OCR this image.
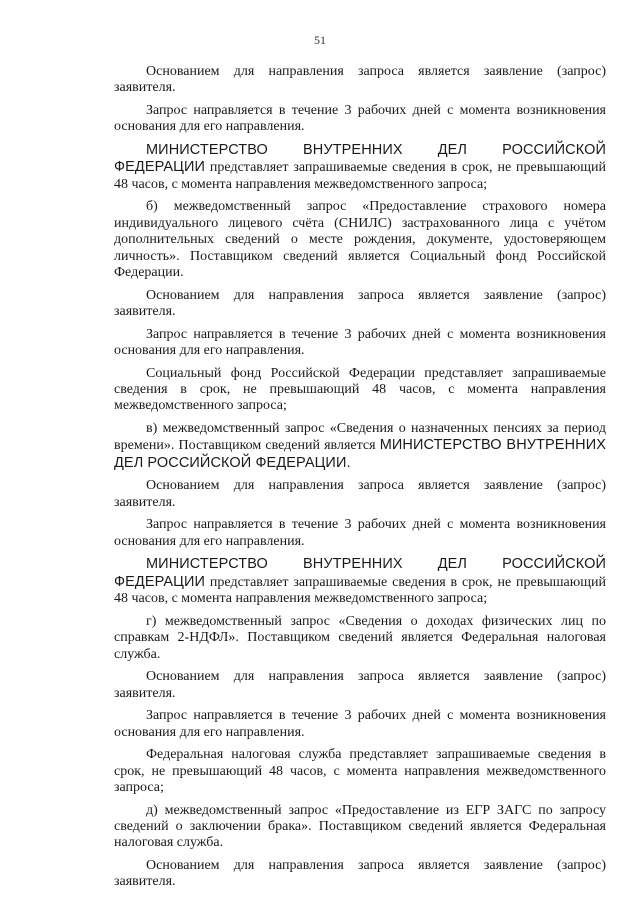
51

Основанием для направления запроса является заявление (запрос) заявителя.

Запрос направляется в течение 3 рабочих дней с момента возникновения основания для его направления.

МИНИСТЕРСТВО ВНУТРЕННИХ ДЕЛ РОССИЙСКОЙ ФЕДЕРАЦИИ представляет запрашиваемые сведения в срок, не превышающий 48 часов, с момента направления межведомственного запроса;

б) межведомственный запрос «Предоставление страхового номера индивидуального лицевого счёта (СНИЛС) застрахованного лица с учётом дополнительных сведений о месте рождения, документе, удостоверяющем личность». Поставщиком сведений является Социальный фонд Российской Федерации.

Основанием для направления запроса является заявление (запрос) заявителя.

Запрос направляется в течение 3 рабочих дней с момента возникновения основания для его направления.

Социальный фонд Российской Федерации представляет запрашиваемые сведения в срок, не превышающий 48 часов, с момента направления межведомственного запроса;

в) межведомственный запрос «Сведения о назначенных пенсиях за период времени». Поставщиком сведений является МИНИСТЕРСТВО ВНУТРЕННИХ ДЕЛ РОССИЙСКОЙ ФЕДЕРАЦИИ.

Основанием для направления запроса является заявление (запрос) заявителя.

Запрос направляется в течение 3 рабочих дней с момента возникновения основания для его направления.

МИНИСТЕРСТВО ВНУТРЕННИХ ДЕЛ РОССИЙСКОЙ ФЕДЕРАЦИИ представляет запрашиваемые сведения в срок, не превышающий 48 часов, с момента направления межведомственного запроса;

г) межведомственный запрос «Сведения о доходах физических лиц по справкам 2-НДФЛ». Поставщиком сведений является Федеральная налоговая служба.

Основанием для направления запроса является заявление (запрос) заявителя.

Запрос направляется в течение 3 рабочих дней с момента возникновения основания для его направления.

Федеральная налоговая служба представляет запрашиваемые сведения в срок, не превышающий 48 часов, с момента направления межведомственного запроса;

д) межведомственный запрос «Предоставление из ЕГР ЗАГС по запросу сведений о заключении брака». Поставщиком сведений является Федеральная налоговая служба.

Основанием для направления запроса является заявление (запрос) заявителя.
